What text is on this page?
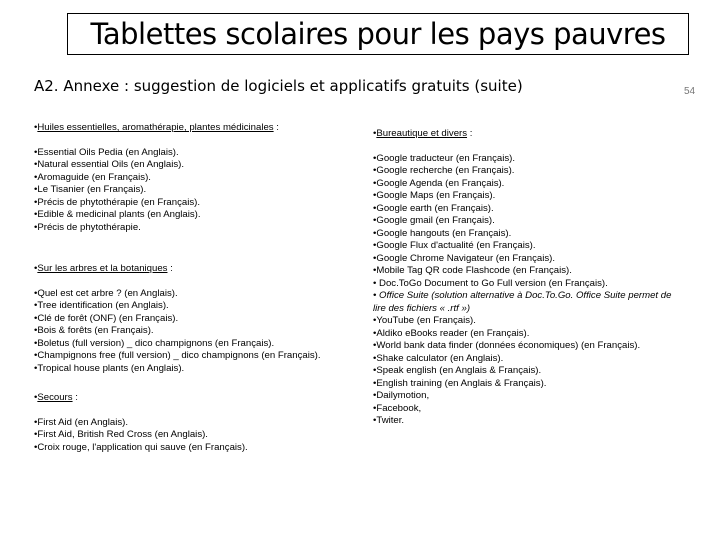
Tablettes scolaires pour les pays pauvres
A2. Annexe : suggestion de logiciels et applicatifs gratuits (suite)	54

•Huiles essentielles, aromathérapie, plantes médicinales :

•Essential Oils Pedia (en Anglais).

•Natural essential Oils (en Anglais).

•Aromaguide (en Français).

•Le Tisanier (en Français).

•Précis de phytothérapie (en Français).

•Edible & medicinal plants (en Anglais).

•Précis de phytothérapie.

•Sur les arbres et la botaniques :

•Quel est cet arbre ? (en Anglais).

•Tree identification (en Anglais).

•Clé de forêt (ONF) (en Français).

•Bois & forêts (en Français).

•Boletus (full version) _ dico champignons (en Français).

•Champignons free (full version) _ dico champignons (en Français).

•Tropical house plants (en Anglais).

•Secours :

•First Aid (en Anglais).

•First Aid, British Red Cross (en Anglais).

•Croix rouge, l'application qui sauve (en Français).

•Bureautique et divers :

•Google traducteur (en Français).

•Google recherche (en Français).

•Google Agenda (en Français).

•Google Maps (en Français).

•Google earth (en Français).

•Google gmail (en Français).

•Google hangouts (en Français).

•Google Flux d'actualité (en Français).

•Google Chrome Navigateur (en Français).

•Mobile Tag QR code Flashcode (en Français).

• Doc.ToGo Document to Go Full version (en Français).

• Office Suite (solution alternative à Doc.To.Go. Office Suite permet de lire des fichiers « .rtf »)

•YouTube (en Français).

•Aldiko eBooks reader (en Français).

•World bank data finder (données économiques) (en Français).

•Shake calculator (en Anglais).

•Speak english (en Anglais & Français).

•English training (en Anglais & Français).

•Dailymotion,

•Facebook,

•Twiter.
